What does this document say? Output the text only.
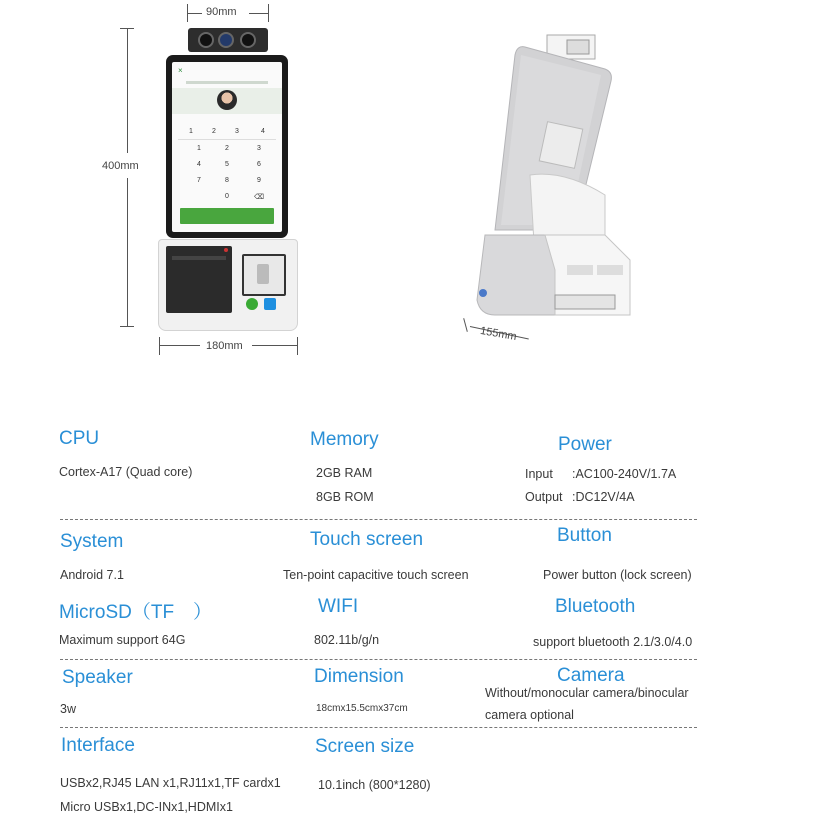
90mm
400mm
180mm
×
1	2	3	4
1	2	3
4	5	6
7	8	9
0	⌫
155mm
CPU
Cortex-A17 (Quad core)
Memory
2GB RAM
8GB ROM
Power
Input :AC100-240V/1.7A
Output :DC12V/4A
System
Android 7.1
Touch screen
Ten-point capacitive touch screen
Button
Power button (lock screen)
MicroSD（TF　）
Maximum support 64G
WIFI
802.11b/g/n
Bluetooth
support bluetooth 2.1/3.0/4.0
Speaker
3w
Dimension
18cmx15.5cmx37cm
Camera
Without/monocular camera/binocular
camera optional
Interface
USBx2,RJ45 LAN x1,RJ11x1,TF cardx1
Micro USBx1,DC-INx1,HDMIx1
Screen size
10.1inch (800*1280)
